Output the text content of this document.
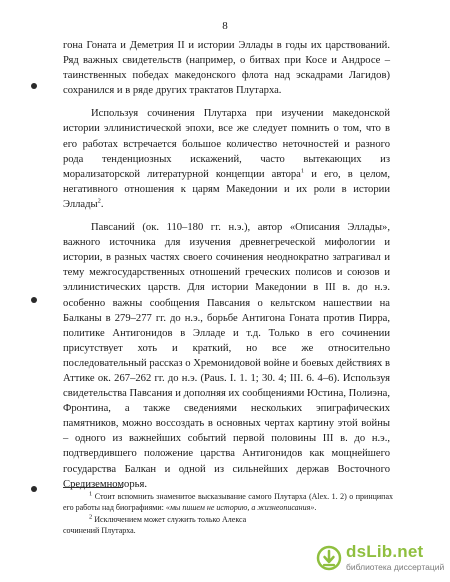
8

гона Гоната и Деметрия II и истории Эллады в годы их царствований. Ряд важных свидетельств (например, о битвах при Косе и Андросе – таинственных победах македонского флота над эскадрами Лагидов) сохранился и в ряде других трактатов Плутарха.

Используя сочинения Плутарха при изучении македонской истории эллинистической эпохи, все же следует помнить о том, что в его работах встречается большое количество неточностей и разного рода тенденциозных искажений, часто вытекающих из морализаторской литературной концепции автора$^1$ и его, в целом, негативного отношения к царям Македонии и их роли в истории Эллады$^2$.

Павсаний (ок. 110–180 гг. н.э.), автор «Описания Эллады», важного источника для изучения древнегреческой мифологии и истории, в разных частях своего сочинения неоднократно затрагивал и тему межгосударственных отношений греческих полисов и союзов и эллинистических царств. Для истории Македонии в III в. до н.э. особенно важны сообщения Павсания о кельтском нашествии на Балканы в 279–277 гг. до н.э., борьбе Антигона Гоната против Пирра, политике Антигонидов в Элладе и т.д. Только в его сочинении присутствует хоть и краткий, но все же относительно последовательный рассказ о Хремонидовой войне и боевых действиях в Аттике ок. 267–262 гг. до н.э. (Paus. I. 1. 1; 30. 4; III. 6. 4–6). Используя свидетельства Павсания и дополняя их сообщениями Юстина, Полиэна, Фронтина, а также сведениями нескольких эпиграфических памятников, можно воссоздать в основных чертах картину этой войны – одного из важнейших событий первой половины III в. до н.э., подтвердившего положение царства Антигонидов как мощнейшего государства Балкан и одной из сильнейших держав Восточного Средиземноморья.

$^1$ Стоит вспомнить знаменитое высказывание самого Плутарха (Alex. 1. 2) о принципах его работы над биографиями: «мы пишем не историю, а жизнеописания».

$^2$ Исключением может служить только Алекса

сочинений Плутарха.

dsLib.net
библиотека диссертаций
